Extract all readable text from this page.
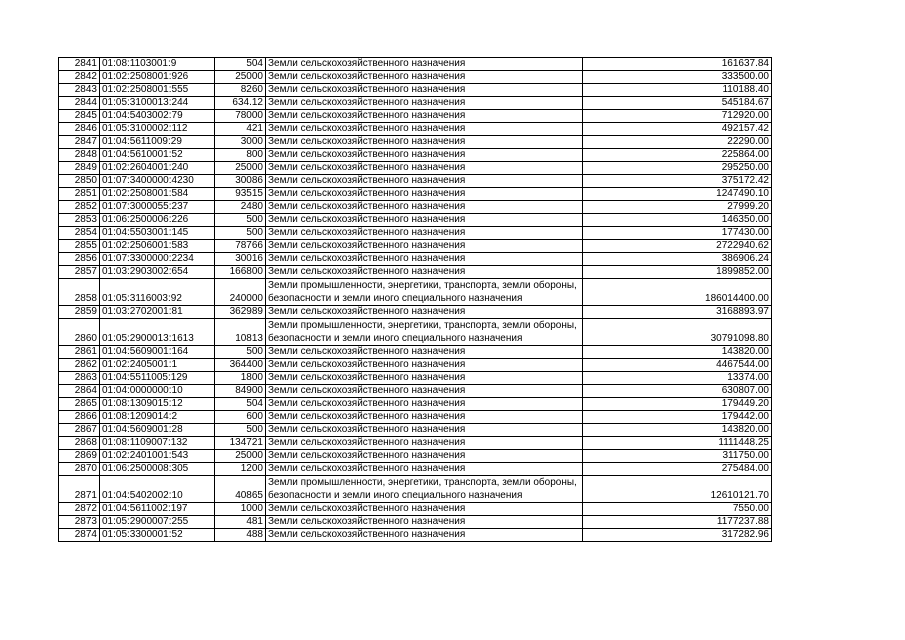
2841	01:08:1103001:9	504	Земли сельскохозяйственного назначения	161637.84
2842	01:02:2508001:926	25000	Земли сельскохозяйственного назначения	333500.00
2843	01:02:2508001:555	8260	Земли сельскохозяйственного назначения	110188.40
2844	01:05:3100013:244	634.12	Земли сельскохозяйственного назначения	545184.67
2845	01:04:5403002:79	78000	Земли сельскохозяйственного назначения	712920.00
2846	01:05:3100002:112	421	Земли сельскохозяйственного назначения	492157.42
2847	01:04:5611009:29	3000	Земли сельскохозяйственного назначения	22290.00
2848	01:04:5610001:52	800	Земли сельскохозяйственного назначения	225864.00
2849	01:02:2604001:240	25000	Земли сельскохозяйственного назначения	295250.00
2850	01:07:3400000:4230	30086	Земли сельскохозяйственного назначения	375172.42
2851	01:02:2508001:584	93515	Земли сельскохозяйственного назначения	1247490.10
2852	01:07:3000055:237	2480	Земли сельскохозяйственного назначения	27999.20
2853	01:06:2500006:226	500	Земли сельскохозяйственного назначения	146350.00
2854	01:04:5503001:145	500	Земли сельскохозяйственного назначения	177430.00
2855	01:02:2506001:583	78766	Земли сельскохозяйственного назначения	2722940.62
2856	01:07:3300000:2234	30016	Земли сельскохозяйственного назначения	386906.24
2857	01:03:2903002:654	166800	Земли сельскохозяйственного назначения	1899852.00
2858	01:05:3116003:92	240000	Земли промышленности, энергетики, транспорта, земли обороны, безопасности и земли иного специального назначения	186014400.00
2859	01:03:2702001:81	362989	Земли сельскохозяйственного назначения	3168893.97
2860	01:05:2900013:1613	10813	Земли промышленности, энергетики, транспорта, земли обороны, безопасности и земли иного специального назначения	30791098.80
2861	01:04:5609001:164	500	Земли сельскохозяйственного назначения	143820.00
2862	01:02:2405001:1	364400	Земли сельскохозяйственного назначения	4467544.00
2863	01:04:5511005:129	1800	Земли сельскохозяйственного назначения	13374.00
2864	01:04:0000000:10	84900	Земли сельскохозяйственного назначения	630807.00
2865	01:08:1309015:12	504	Земли сельскохозяйственного назначения	179449.20
2866	01:08:1209014:2	600	Земли сельскохозяйственного назначения	179442.00
2867	01:04:5609001:28	500	Земли сельскохозяйственного назначения	143820.00
2868	01:08:1109007:132	134721	Земли сельскохозяйственного назначения	1111448.25
2869	01:02:2401001:543	25000	Земли сельскохозяйственного назначения	311750.00
2870	01:06:2500008:305	1200	Земли сельскохозяйственного назначения	275484.00
2871	01:04:5402002:10	40865	Земли промышленности, энергетики, транспорта, земли обороны, безопасности и земли иного специального назначения	12610121.70
2872	01:04:5611002:197	1000	Земли сельскохозяйственного назначения	7550.00
2873	01:05:2900007:255	481	Земли сельскохозяйственного назначения	1177237.88
2874	01:05:3300001:52	488	Земли сельскохозяйственного назначения	317282.96
